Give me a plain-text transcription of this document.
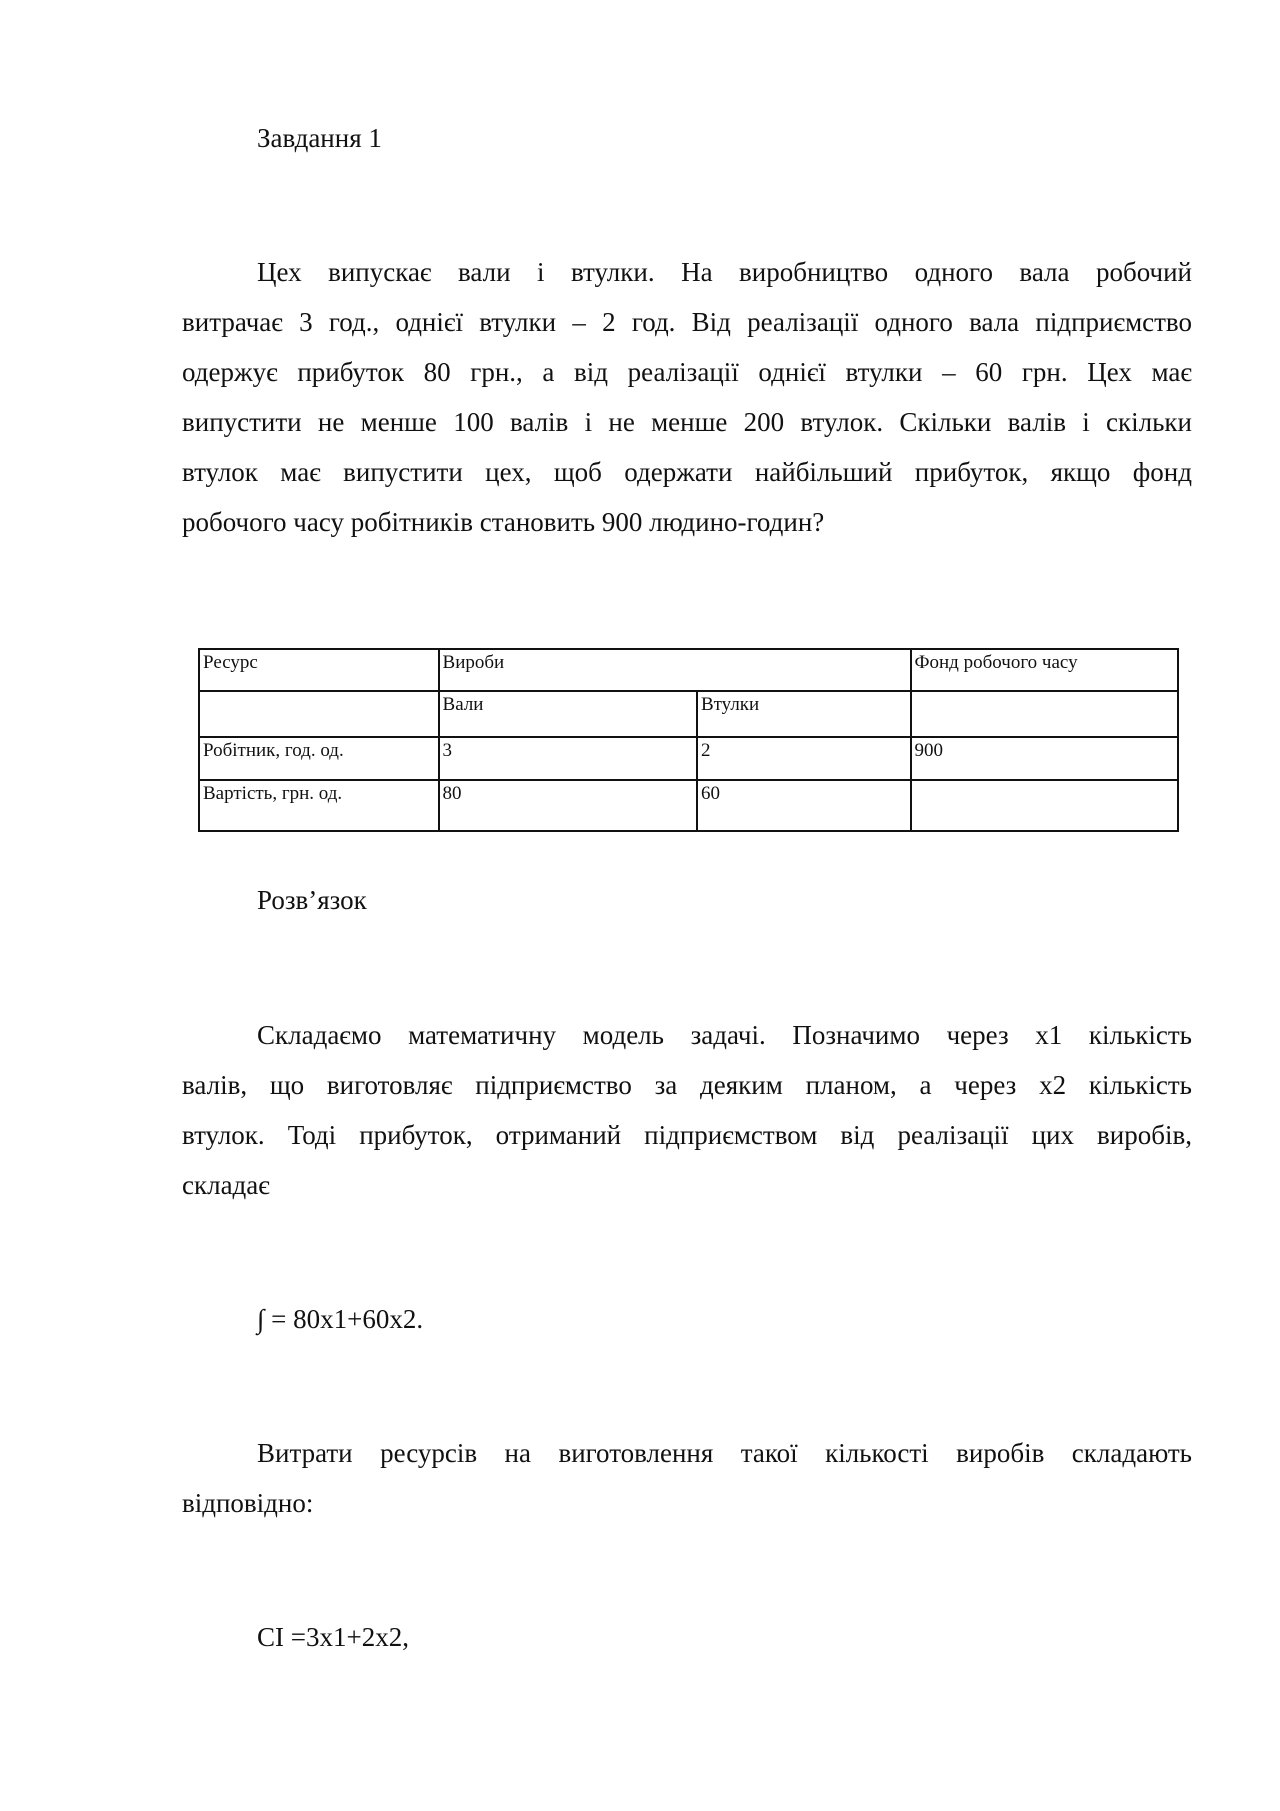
Завдання 1
Цех випускає вали і втулки. На виробництво одного вала робочий
витрачає 3 год., однієї втулки – 2 год. Від реалізації одного вала підприємство
одержує прибуток 80 грн., а від реалізації однієї втулки – 60 грн. Цех має
випустити не менше 100 валів і не менше 200 втулок. Скільки валів і скільки
втулок має випустити цех, щоб одержати найбільший прибуток, якщо фонд
робочого часу робітників становить 900 людино-годин?
Ресурс	Вироби		Фонд робочого часу
	Вали	Втулки	
Робітник, год. од.	3	2	900
Вартість, грн. од.	80	60	
Розв’язок
Складаємо математичну модель задачі. Позначимо через x1 кількість
валів, що виготовляє підприємство за деяким планом, а через x2 кількість
втулок. Тоді прибуток, отриманий підприємством від реалізації цих виробів,
складає
∫ = 80x1+60x2.
Витрати ресурсів на виготовлення такої кількості виробів складають
відповідно:
CI =3x1+2x2,
